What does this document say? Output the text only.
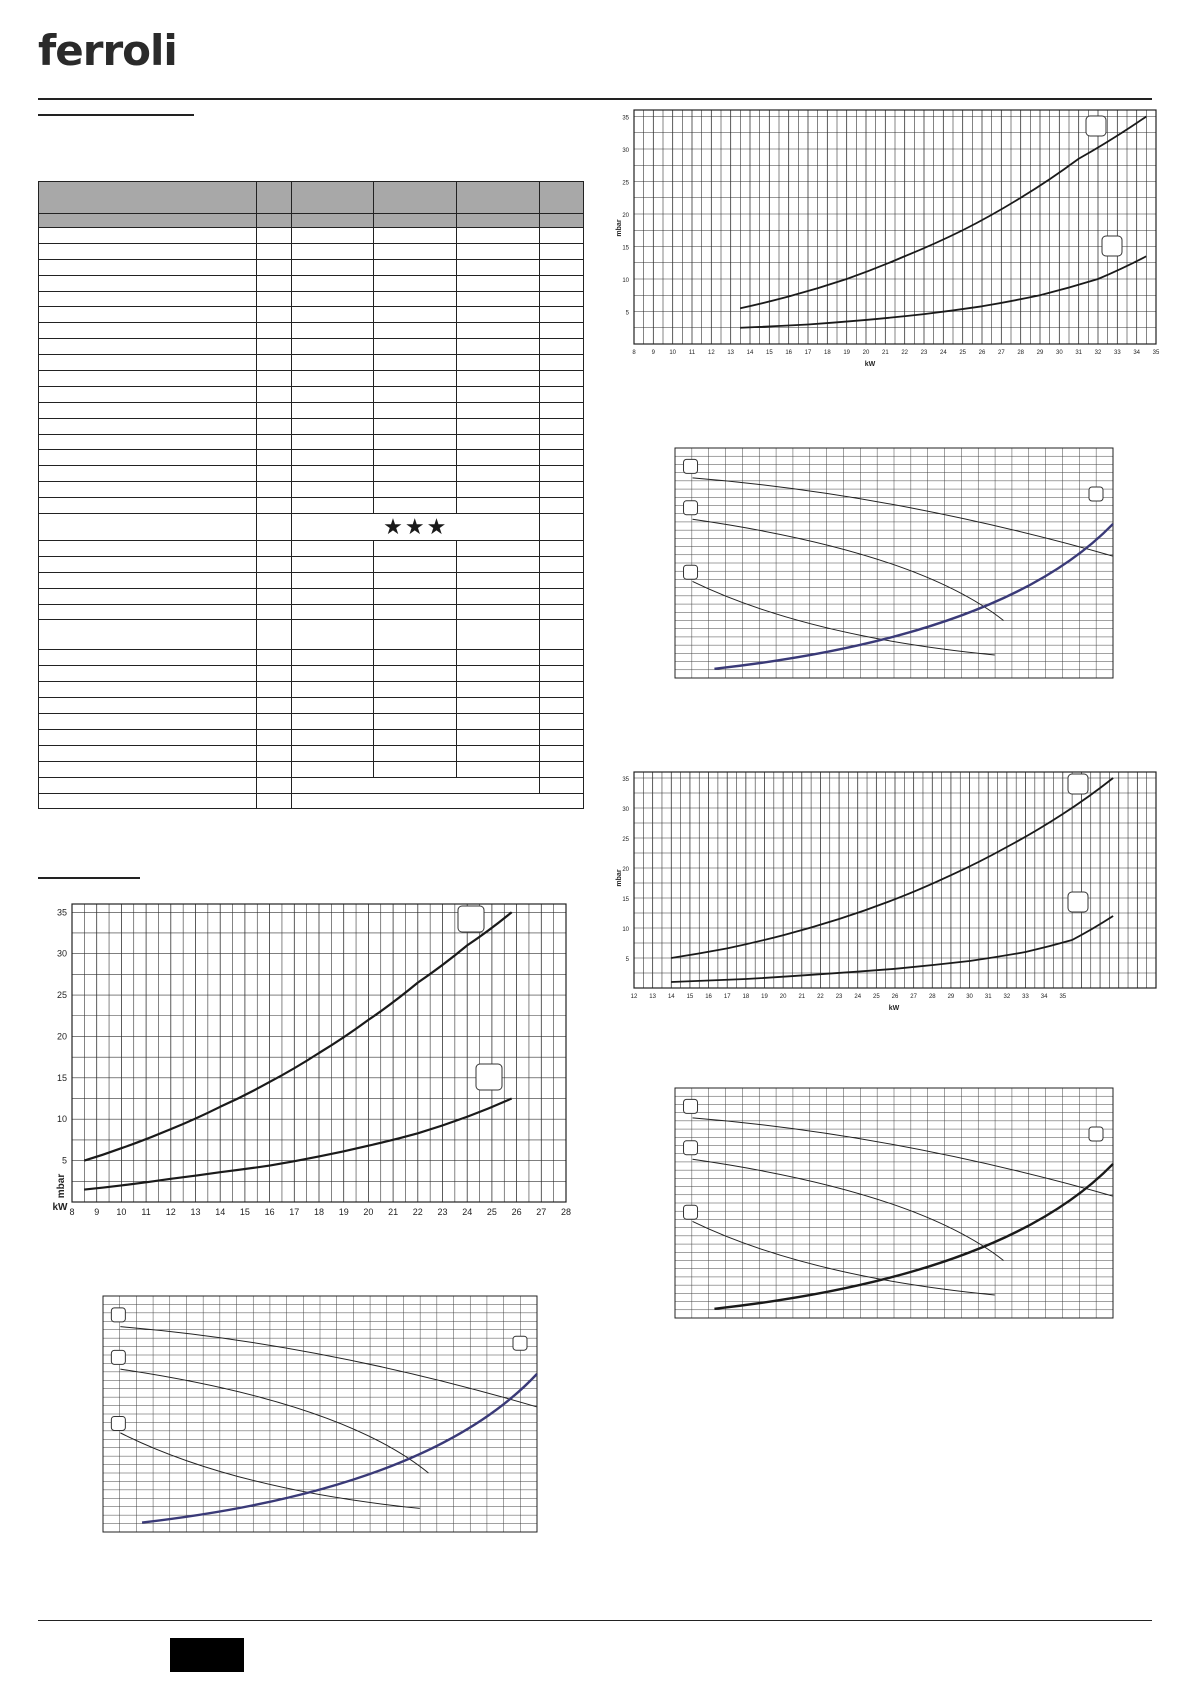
ferroli

		★★★			

35
30
25
20
15
10
5
8 9 10 11 12 13 14 15 16 17 18 19 20 21 22 23 24 25 26 27 28
kW
mbar
35
30
25
20
15
10
5
8	9 10 11 12 13 14 15 16 17 18 19 20 21 22 23 24 25 26 27 28 29 30 31 32 33 34 35
kW
mbar
35
30
25
20
15
10
5
12 13 14 15 16 17 18 19 20 21 22 23 24 25 26 27 28 29 30 31 32 33 34 35
kW
mbar
